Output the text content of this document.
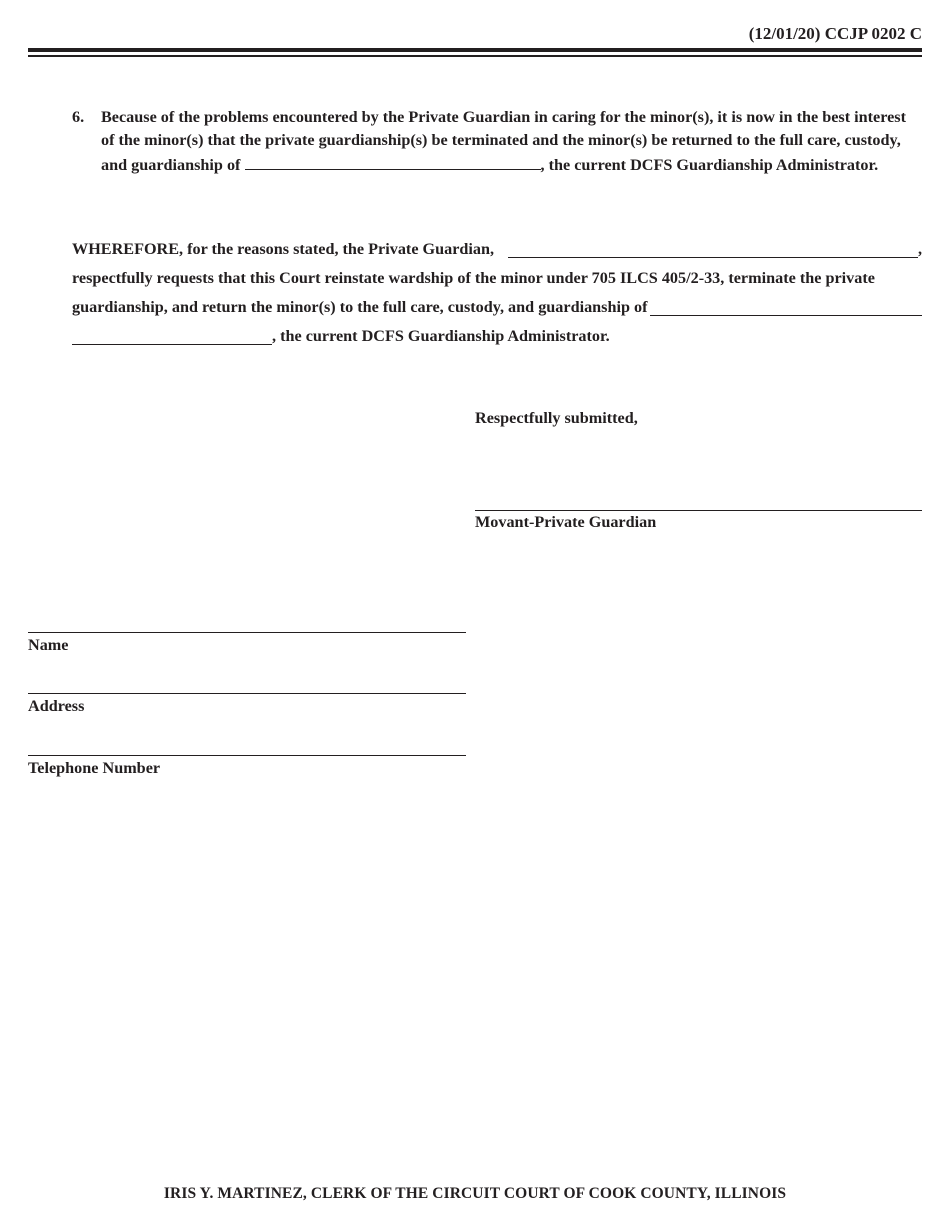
(12/01/20) CCJP 0202 C
6. Because of the problems encountered by the Private Guardian in caring for the minor(s), it is now in the best interest of the minor(s) that the private guardianship(s) be terminated and the minor(s) be returned to the full care, custody, and guardianship of	, the current DCFS Guardianship Administrator.
WHEREFORE, for the reasons stated, the Private Guardian,	,
respectfully requests that this Court reinstate wardship of the minor under 705 ILCS 405/2-33, terminate the private
guardianship, and return the minor(s) to the full care, custody, and guardianship of
, the current DCFS Guardianship Administrator.
Respectfully submitted,
Movant-Private Guardian
Name
Address
Telephone Number
IRIS Y. MARTINEZ, CLERK OF THE CIRCUIT COURT OF COOK COUNTY, ILLINOIS
